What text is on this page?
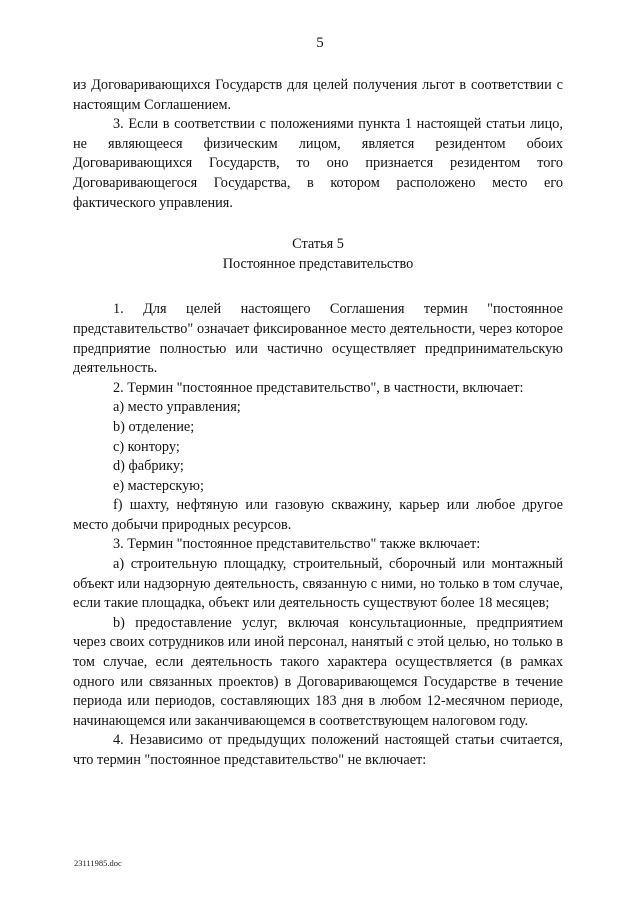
5

из Договаривающихся Государств для целей получения льгот в соответствии с настоящим Соглашением.

3. Если в соответствии с положениями пункта 1 настоящей статьи лицо, не являющееся физическим лицом, является резидентом обоих Договаривающихся Государств, то оно признается резидентом того Договаривающегося Государства, в котором расположено место его фактического управления.

Статья 5

Постоянное представительство

1. Для целей настоящего Соглашения термин "постоянное представительство" означает фиксированное место деятельности, через которое предприятие полностью или частично осуществляет предпринимательскую деятельность.

2. Термин "постоянное представительство", в частности, включает:

a) место управления;

b) отделение;

c) контору;

d) фабрику;

e) мастерскую;

f) шахту, нефтяную или газовую скважину, карьер или любое другое место добычи природных ресурсов.

3. Термин "постоянное представительство" также включает:

a) строительную площадку, строительный, сборочный или монтажный объект или надзорную деятельность, связанную с ними, но только в том случае, если такие площадка, объект или деятельность существуют более 18 месяцев;

b) предоставление услуг, включая консультационные, предприятием через своих сотрудников или иной персонал, нанятый с этой целью, но только в том случае, если деятельность такого характера осуществляется (в рамках одного или связанных проектов) в Договаривающемся Государстве в течение периода или периодов, составляющих 183 дня в любом 12-месячном периоде, начинающемся или заканчивающемся в соответствующем налоговом году.

4. Независимо от предыдущих положений настоящей статьи считается, что термин "постоянное представительство" не включает:

23111985.doc
